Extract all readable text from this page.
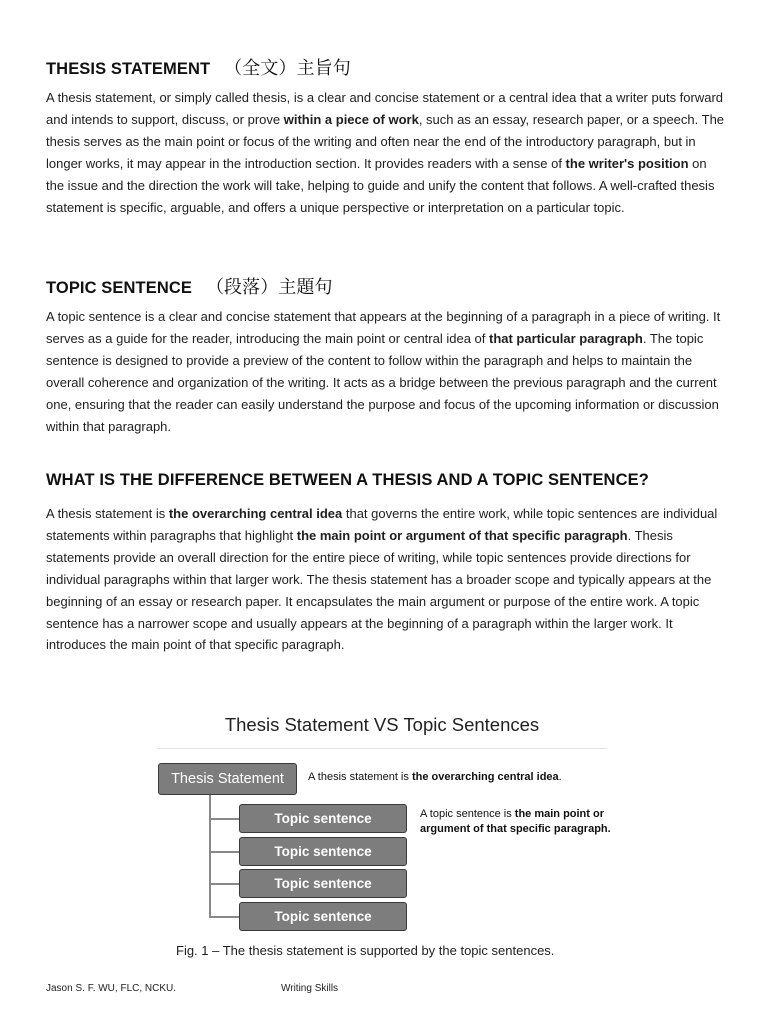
THESIS STATEMENT （全文）主旨句

A thesis statement, or simply called thesis, is a clear and concise statement or a central idea that a writer puts forward and intends to support, discuss, or prove within a piece of work, such as an essay, research paper, or a speech. The thesis serves as the main point or focus of the writing and often near the end of the introductory paragraph, but in longer works, it may appear in the introduction section. It provides readers with a sense of the writer's position on the issue and the direction the work will take, helping to guide and unify the content that follows. A well-crafted thesis statement is specific, arguable, and offers a unique perspective or interpretation on a particular topic.

TOPIC SENTENCE （段落）主題句

A topic sentence is a clear and concise statement that appears at the beginning of a paragraph in a piece of writing. It serves as a guide for the reader, introducing the main point or central idea of that particular paragraph. The topic sentence is designed to provide a preview of the content to follow within the paragraph and helps to maintain the overall coherence and organization of the writing. It acts as a bridge between the previous paragraph and the current one, ensuring that the reader can easily understand the purpose and focus of the upcoming information or discussion within that paragraph.

WHAT IS THE DIFFERENCE BETWEEN A THESIS AND A TOPIC SENTENCE?

A thesis statement is the overarching central idea that governs the entire work, while topic sentences are individual statements within paragraphs that highlight the main point or argument of that specific paragraph. Thesis statements provide an overall direction for the entire piece of writing, while topic sentences provide directions for individual paragraphs within that larger work. The thesis statement has a broader scope and typically appears at the beginning of an essay or research paper. It encapsulates the main argument or purpose of the entire work. A topic sentence has a narrower scope and usually appears at the beginning of a paragraph within the larger work. It introduces the main point of that specific paragraph.

Thesis Statement VS Topic Sentences
Thesis Statement	A thesis statement is the overarching central idea.
Topic sentence
Topic sentence
Topic sentence
Topic sentence
A topic sentence is the main point or argument of that specific paragraph.
Fig. 1 – The thesis statement is supported by the topic sentences.
Jason S. F. WU, FLC, NCKU.	Writing Skills
